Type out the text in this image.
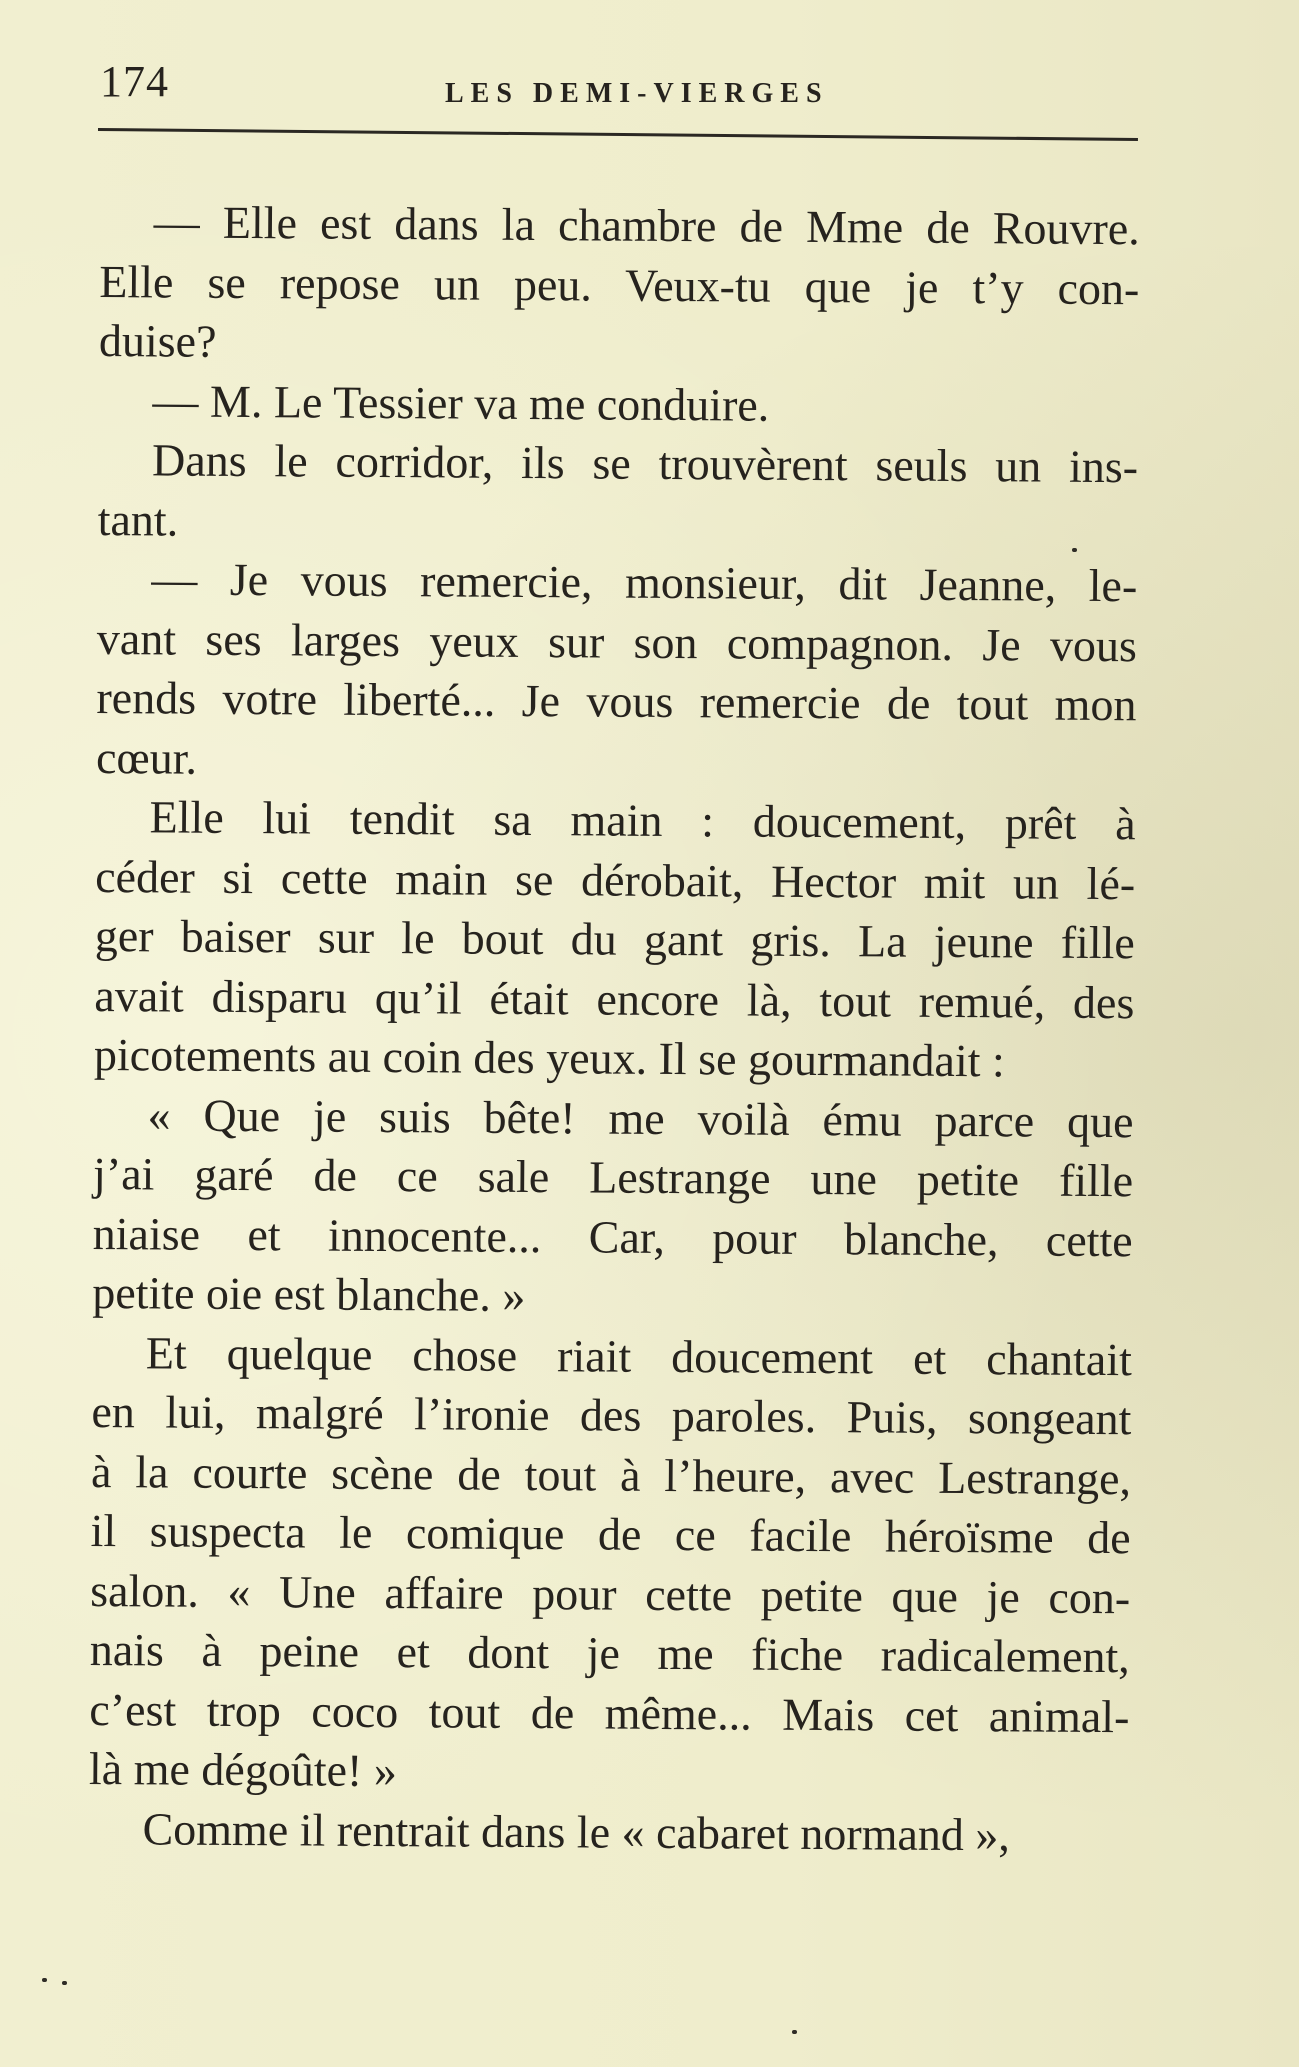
174	LES DEMI-VIERGES
— Elle est dans la chambre de Mme de Rouvre.
Elle se repose un peu. Veux-tu que je t’y con-
duise?
— M. Le Tessier va me conduire.
Dans le corridor, ils se trouvèrent seuls un ins-
tant.
— Je vous remercie, monsieur, dit Jeanne, le-
vant ses larges yeux sur son compagnon. Je vous
rends votre liberté... Je vous remercie de tout mon
cœur.
Elle lui tendit sa main : doucement, prêt à
céder si cette main se dérobait, Hector mit un lé-
ger baiser sur le bout du gant gris. La jeune fille
avait disparu qu’il était encore là, tout remué, des
picotements au coin des yeux. Il se gourmandait :
« Que je suis bête! me voilà ému parce que
j’ai garé de ce sale Lestrange une petite fille
niaise et innocente... Car, pour blanche, cette
petite oie est blanche. »
Et quelque chose riait doucement et chantait
en lui, malgré l’ironie des paroles. Puis, songeant
à la courte scène de tout à l’heure, avec Lestrange,
il suspecta le comique de ce facile héroïsme de
salon. « Une affaire pour cette petite que je con-
nais à peine et dont je me fiche radicalement,
c’est trop coco tout de même... Mais cet animal-
là me dégoûte! »
Comme il rentrait dans le « cabaret normand »,
